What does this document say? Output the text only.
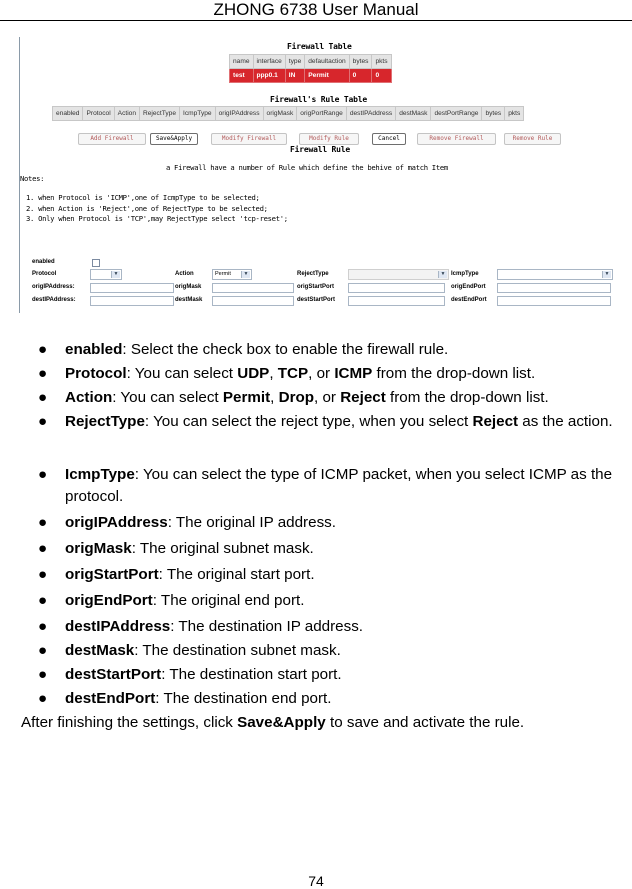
ZHONG 6738 User Manual
Firewall Table
name	interface	type	defaultaction	bytes	pkts
test	ppp0.1	IN	Permit	0	0
Firewall's Rule Table
enabled	Protocol	Action	RejectType	IcmpType	origIPAddress	origMask	origPortRange	destIPAddress	destMask	destPortRange	bytes	pkts
Add Firewall	Save&Apply	Modify Firewall	Modify Rule	Cancel	Remove Firewall	Remove Rule
Firewall Rule
a Firewall have a number of Rule which define the behive of match Item
Notes:
1. when Protocol is 'ICMP',one of IcmpType to be selected;
2. when Action is 'Reject',one of RejectType to be selected;
3. Only when Protocol is 'TCP',may RejectType select 'tcp-reset';
enabled
Protocol	▼	Action	Permit	▼	RejectType	▼ IcmpType	▼
origIPAddress:	origMask	origStartPort	origEndPort
destIPAddress:	destMask	destStartPort	destEndPort
● enabled: Select the check box to enable the firewall rule.
● Protocol: You can select UDP, TCP, or ICMP from the drop-down list.
● Action: You can select Permit, Drop, or Reject from the drop-down list.
● RejectType: You can select the reject type, when you select Reject as the action.
● IcmpType: You can select the type of ICMP packet, when you select ICMP as the protocol.
● origIPAddress: The original IP address.
● origMask: The original subnet mask.
● origStartPort: The original start port.
● origEndPort: The original end port.
● destIPAddress: The destination IP address.
● destMask: The destination subnet mask.
● destStartPort: The destination start port.
● destEndPort: The destination end port.
After finishing the settings, click Save&Apply to save and activate the rule.
74
